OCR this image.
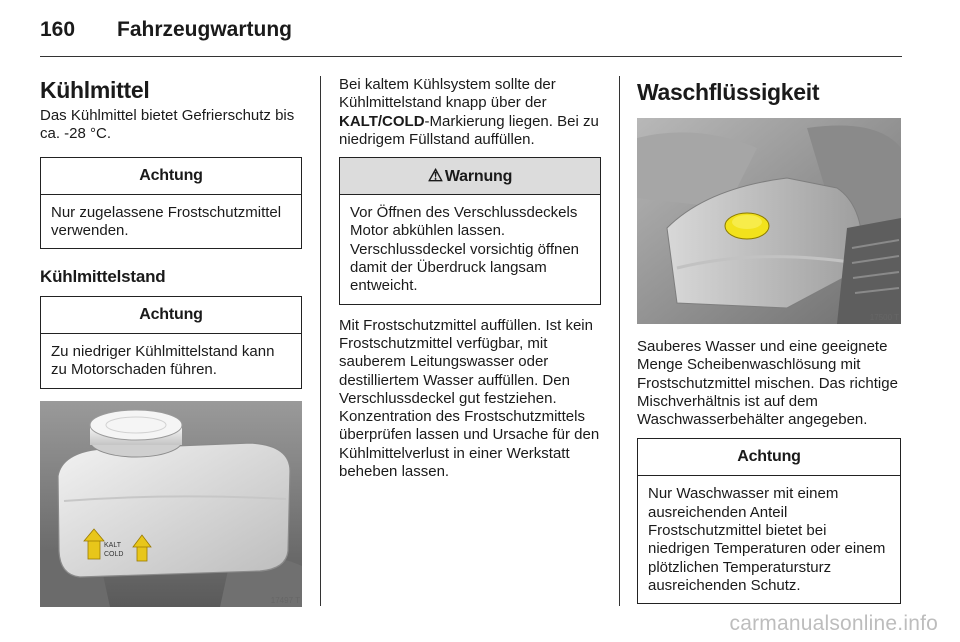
160 Fahrzeugwartung
Kühlmittel

Das Kühlmittel bietet Gefrierschutz bis ca. -28 °C.

Achtung
Nur zugelassene Frostschutzmittel verwenden.
Kühlmittelstand
Achtung
Zu niedriger Kühlmittelstand kann zu Motorschaden führen.
KALT
COLD
17497 T

Bei kaltem Kühlsystem sollte der Kühlmittelstand knapp über der KALT/COLD-Markierung liegen. Bei zu niedrigem Füllstand auffüllen.

⚠ Warnung
Vor Öffnen des Verschlussdeckels Motor abkühlen lassen. Verschlussdeckel vorsichtig öffnen damit der Überdruck langsam entweicht.

Mit Frostschutzmittel auffüllen. Ist kein Frostschutzmittel verfügbar, mit sauberem Leitungswasser oder destilliertem Wasser auffüllen. Den Verschlussdeckel gut festziehen. Konzentration des Frostschutzmittels überprüfen lassen und Ursache für den Kühlmittelverlust in einer Werkstatt beheben lassen.

Waschflüssigkeit
17500 T

Sauberes Wasser und eine geeignete Menge Scheibenwaschlösung mit Frostschutzmittel mischen. Das richtige Mischverhältnis ist auf dem Waschwasserbehälter angegeben.

Achtung
Nur Waschwasser mit einem ausreichenden Anteil Frostschutzmittel bietet bei niedrigen Temperaturen oder einem plötzlichen Temperatursturz ausreichenden Schutz.
carmanualsonline.info
